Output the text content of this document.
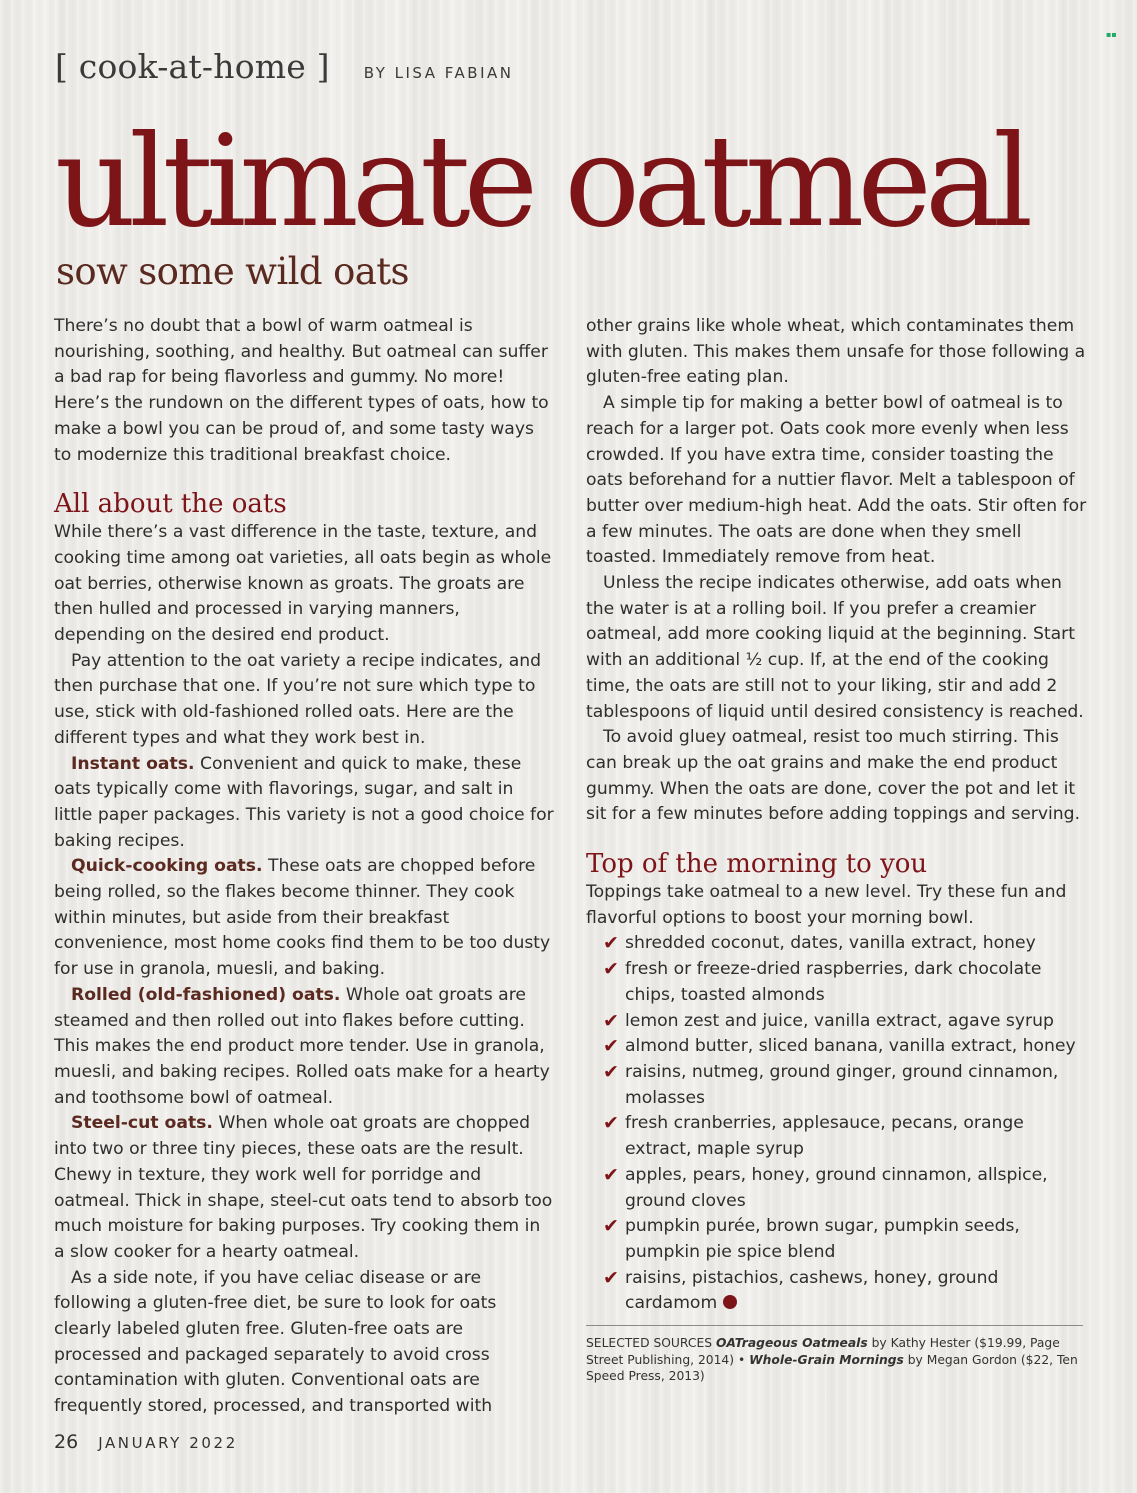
[ cook-at-home ] BY LISA FABIAN
▪▪
ultimate oatmeal
sow some wild oats

There’s no doubt that a bowl of warm oatmeal is nourishing, soothing, and healthy. But oatmeal can suffer a bad rap for being flavorless and gummy. No more! Here’s the rundown on the different types of oats, how to make a bowl you can be proud of, and some tasty ways to modernize this traditional breakfast choice.

All about the oats

While there’s a vast difference in the taste, texture, and cooking time among oat varieties, all oats begin as whole oat berries, otherwise known as groats. The groats are then hulled and processed in varying manners, depending on the desired end product.

Pay attention to the oat variety a recipe indicates, and then purchase that one. If you’re not sure which type to use, stick with old-fashioned rolled oats. Here are the different types and what they work best in.

Instant oats. Convenient and quick to make, these oats typically come with flavorings, sugar, and salt in little paper packages. This variety is not a good choice for baking recipes.

Quick-cooking oats. These oats are chopped before being rolled, so the flakes become thinner. They cook within minutes, but aside from their breakfast convenience, most home cooks find them to be too dusty for use in granola, muesli, and baking.

Rolled (old-fashioned) oats. Whole oat groats are steamed and then rolled out into flakes before cutting. This makes the end product more tender. Use in granola, muesli, and baking recipes. Rolled oats make for a hearty and toothsome bowl of oatmeal.

Steel-cut oats. When whole oat groats are chopped into two or three tiny pieces, these oats are the result. Chewy in texture, they work well for porridge and oatmeal. Thick in shape, steel-cut oats tend to absorb too much moisture for baking purposes. Try cooking them in a slow cooker for a hearty oatmeal.

As a side note, if you have celiac disease or are following a gluten-free diet, be sure to look for oats clearly labeled gluten free. Gluten-free oats are processed and packaged separately to avoid cross contamination with gluten. Conventional oats are frequently stored, processed, and transported with

other grains like whole wheat, which contaminates them with gluten. This makes them unsafe for those following a gluten-free eating plan.

A simple tip for making a better bowl of oatmeal is to reach for a larger pot. Oats cook more evenly when less crowded. If you have extra time, consider toasting the oats beforehand for a nuttier flavor. Melt a tablespoon of butter over medium-high heat. Add the oats. Stir often for a few minutes. The oats are done when they smell toasted. Immediately remove from heat.

Unless the recipe indicates otherwise, add oats when the water is at a rolling boil. If you prefer a creamier oatmeal, add more cooking liquid at the beginning. Start with an additional ½ cup. If, at the end of the cooking time, the oats are still not to your liking, stir and add 2 tablespoons of liquid until desired consistency is reached.

To avoid gluey oatmeal, resist too much stirring. This can break up the oat grains and make the end product gummy. When the oats are done, cover the pot and let it sit for a few minutes before adding toppings and serving.

Top of the morning to you

Toppings take oatmeal to a new level. Try these fun and flavorful options to boost your morning bowl.

✔ shredded coconut, dates, vanilla extract, honey
✔ fresh or freeze-dried raspberries, dark chocolate chips, toasted almonds
✔ lemon zest and juice, vanilla extract, agave syrup
✔ almond butter, sliced banana, vanilla extract, honey
✔ raisins, nutmeg, ground ginger, ground cinnamon, molasses
✔ fresh cranberries, applesauce, pecans, orange extract, maple syrup
✔ apples, pears, honey, ground cinnamon, allspice, ground cloves
✔ pumpkin purée, brown sugar, pumpkin seeds, pumpkin pie spice blend
✔ raisins, pistachios, cashews, honey, ground cardamom
SELECTED SOURCES OATrageous Oatmeals by Kathy Hester ($19.99, Page Street Publishing, 2014) • Whole-Grain Mornings by Megan Gordon ($22, Ten Speed Press, 2013)
26 JANUARY 2022
